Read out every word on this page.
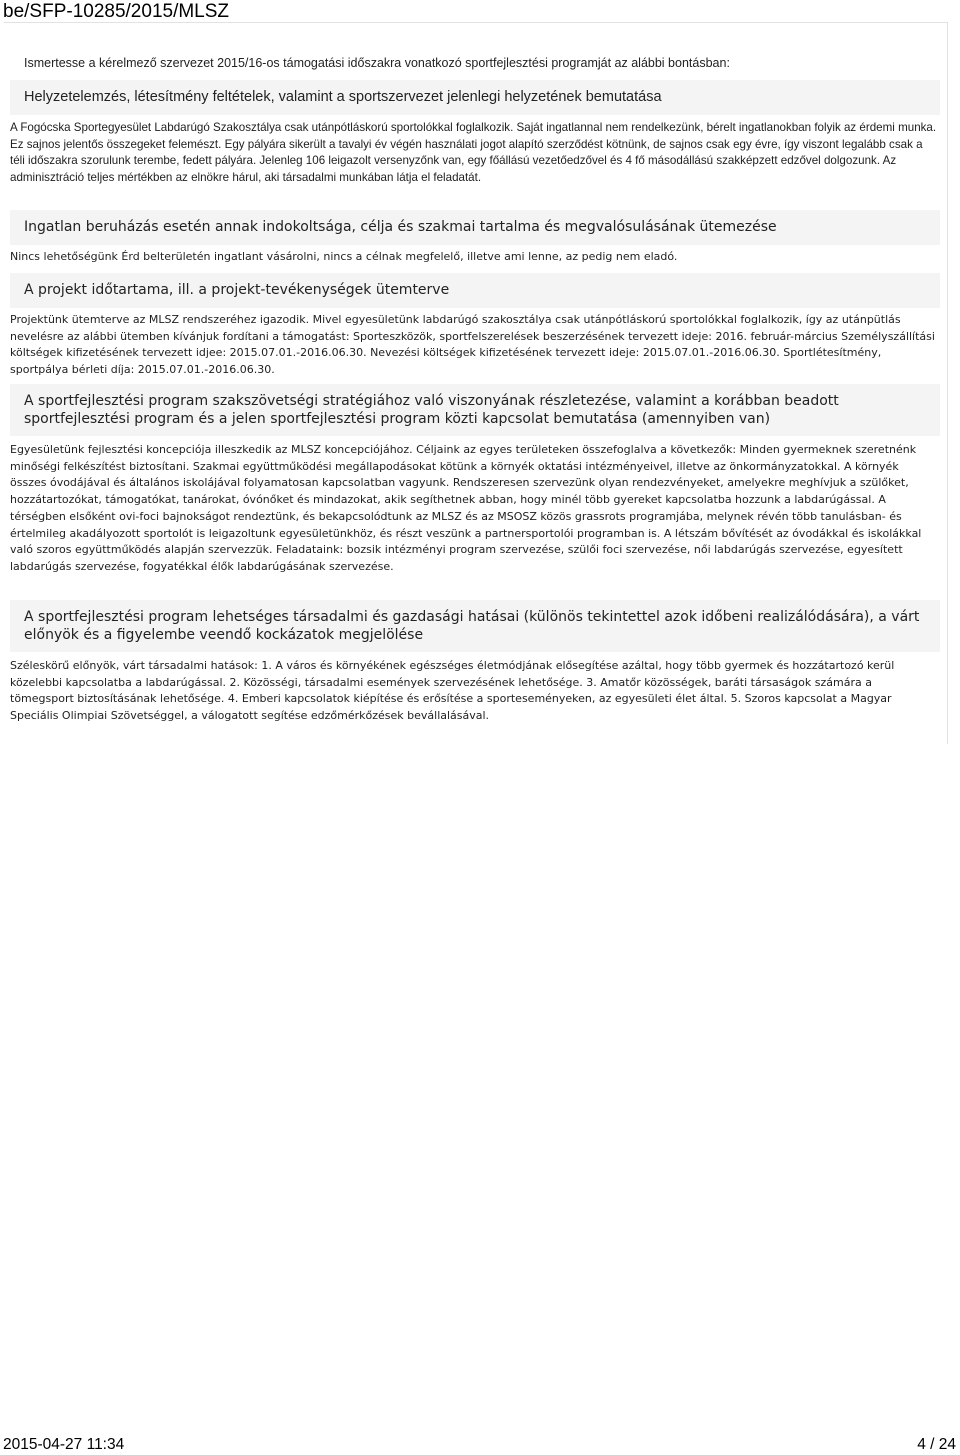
be/SFP-10285/2015/MLSZ
Ismertesse a kérelmező szervezet 2015/16-os támogatási időszakra vonatkozó sportfejlesztési programját az alábbi bontásban:
Helyzetelemzés, létesítmény feltételek, valamint a sportszervezet jelenlegi helyzetének bemutatása

A Fogócska Sportegyesület Labdarúgó Szakosztálya csak utánpótláskorú sportolókkal foglalkozik. Saját ingatlannal nem rendelkezünk, bérelt ingatlanokban folyik az érdemi munka. Ez sajnos jelentős összegeket felemészt. Egy pályára sikerült a tavalyi év végén használati jogot alapító szerződést kötnünk, de sajnos csak egy évre, így viszont legalább csak a téli időszakra szorulunk terembe, fedett pályára. Jelenleg 106 leigazolt versenyzőnk van, egy főállású vezetőedzővel és 4 fő másodállású szakképzett edzővel dolgozunk. Az adminisztráció teljes mértékben az elnökre hárul, aki társadalmi munkában látja el feladatát.

Ingatlan beruházás esetén annak indokoltsága, célja és szakmai tartalma és megvalósulásának ütemezése

Nincs lehetőségünk Érd belterületén ingatlant vásárolni, nincs a célnak megfelelő, illetve ami lenne, az pedig nem eladó.

A projekt időtartama, ill. a projekt-tevékenységek ütemterve

Projektünk ütemterve az MLSZ rendszeréhez igazodik. Mivel egyesületünk labdarúgó szakosztálya csak utánpótláskorú sportolókkal foglalkozik, így az utánpütlás nevelésre az alábbi ütemben kívánjuk fordítani a támogatást: Sporteszközök, sportfelszerelések beszerzésének tervezett ideje: 2016. február-március Személyszállítási költségek kifizetésének tervezett idjee: 2015.07.01.-2016.06.30. Nevezési költségek kifizetésének tervezett ideje: 2015.07.01.-2016.06.30. Sportlétesítmény, sportpálya bérleti díja: 2015.07.01.-2016.06.30.

A sportfejlesztési program szakszövetségi stratégiához való viszonyának részletezése, valamint a korábban beadott sportfejlesztési program és a jelen sportfejlesztési program közti kapcsolat bemutatása (amennyiben van)

Egyesületünk fejlesztési koncepciója illeszkedik az MLSZ koncepciójához. Céljaink az egyes területeken összefoglalva a következők: Minden gyermeknek szeretnénk minőségi felkészítést biztosítani. Szakmai együttműködési megállapodásokat kötünk a környék oktatási intézményeivel, illetve az önkormányzatokkal. A környék összes óvodájával és általános iskolájával folyamatosan kapcsolatban vagyunk. Rendszeresen szervezünk olyan rendezvényeket, amelyekre meghívjuk a szülőket, hozzátartozókat, támogatókat, tanárokat, óvónőket és mindazokat, akik segíthetnek abban, hogy minél több gyereket kapcsolatba hozzunk a labdarúgással. A térségben elsőként ovi-foci bajnokságot rendeztünk, és bekapcsolódtunk az MLSZ és az MSOSZ közös grassrots programjába, melynek révén több tanulásban- és értelmileg akadályozott sportolót is leigazoltunk egyesületünkhöz, és részt veszünk a partnersportolói programban is. A létszám bővítését az óvodákkal és iskolákkal való szoros együttműködés alapján szervezzük. Feladataink: bozsik intézményi program szervezése, szülői foci szervezése, női labdarúgás szervezése, egyesített labdarúgás szervezése, fogyatékkal élők labdarúgásának szervezése.

A sportfejlesztési program lehetséges társadalmi és gazdasági hatásai (különös tekintettel azok időbeni realizálódására), a várt előnyök és a figyelembe veendő kockázatok megjelölése

Széleskörű előnyök, várt társadalmi hatások: 1. A város és környékének egészséges életmódjának elősegítése azáltal, hogy több gyermek és hozzátartozó kerül közelebbi kapcsolatba a labdarúgással. 2. Közösségi, társadalmi események szervezésének lehetősége. 3. Amatőr közösségek, baráti társaságok számára a tömegsport biztosításának lehetősége. 4. Emberi kapcsolatok kiépítése és erősítése a sporteseményeken, az egyesületi élet által. 5. Szoros kapcsolat a Magyar Speciális Olimpiai Szövetséggel, a válogatott segítése edzőmérkőzések bevállalásával.

2015-04-27 11:34	4 / 24
